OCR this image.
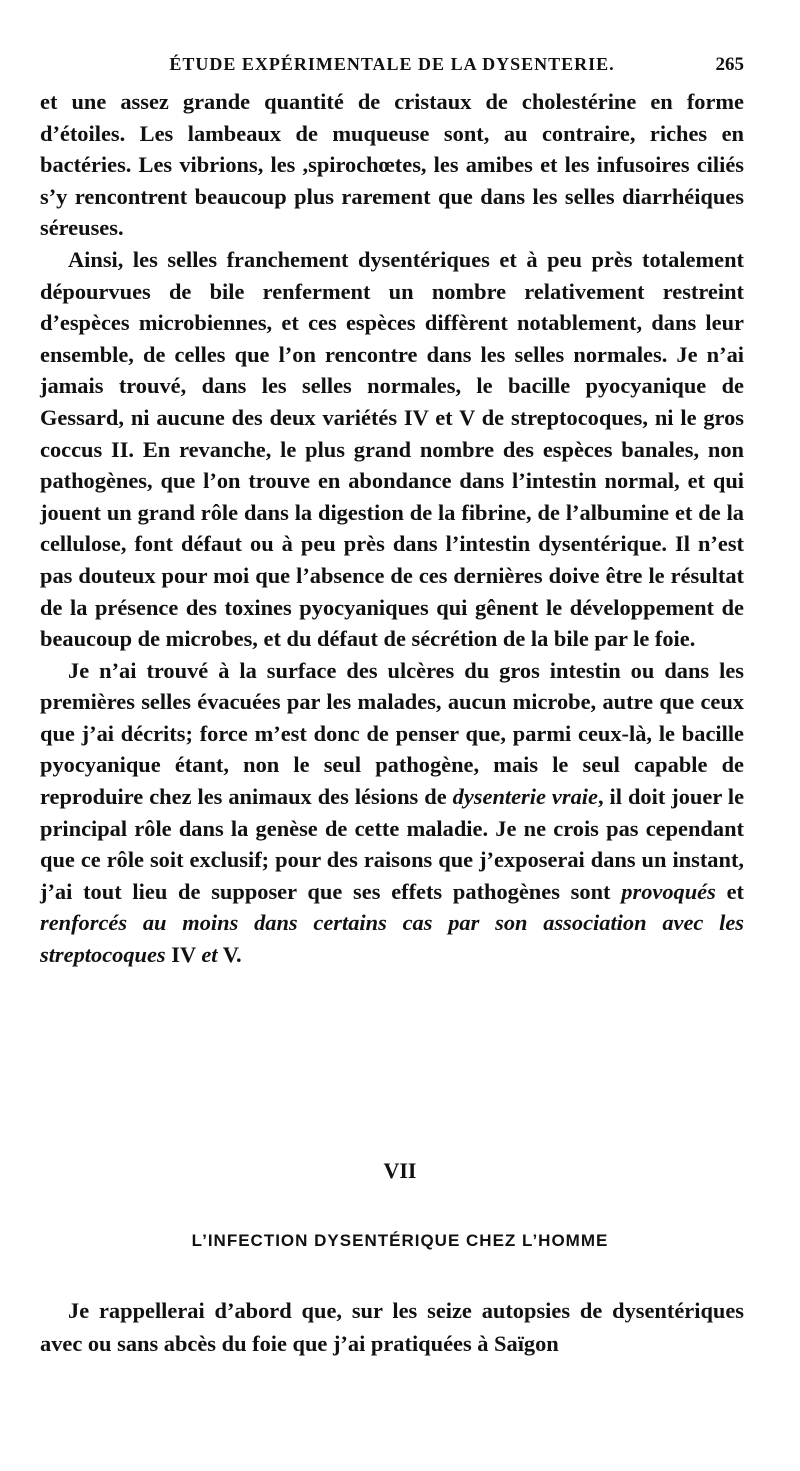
ÉTUDE EXPÉRIMENTALE DE LA DYSENTERIE.	265

et une assez grande quantité de cristaux de cholestérine en forme d’étoiles. Les lambeaux de muqueuse sont, au contraire, riches en bactéries. Les vibrions, les ,spirochœtes, les amibes et les infusoires ciliés s’y rencontrent beaucoup plus rarement que dans les selles diarrhéiques séreuses.

Ainsi, les selles franchement dysentériques et à peu près totalement dépourvues de bile renferment un nombre relativement restreint d’espèces microbiennes, et ces espèces diffèrent notablement, dans leur ensemble, de celles que l’on rencontre dans les selles normales. Je n’ai jamais trouvé, dans les selles normales, le bacille pyocyanique de Gessard, ni aucune des deux variétés IV et V de streptocoques, ni le gros coccus II. En revanche, le plus grand nombre des espèces banales, non pathogènes, que l’on trouve en abondance dans l’intestin normal, et qui jouent un grand rôle dans la digestion de la fibrine, de l’albumine et de la cellulose, font défaut ou à peu près dans l’intestin dysentérique. Il n’est pas douteux pour moi que l’absence de ces dernières doive être le résultat de la présence des toxines pyocyaniques qui gênent le développement de beaucoup de microbes, et du défaut de sécrétion de la bile par le foie.

Je n’ai trouvé à la surface des ulcères du gros intestin ou dans les premières selles évacuées par les malades, aucun microbe, autre que ceux que j’ai décrits; force m’est donc de penser que, parmi ceux-là, le bacille pyocyanique étant, non le seul pathogène, mais le seul capable de reproduire chez les animaux des lésions de dysenterie vraie, il doit jouer le principal rôle dans la genèse de cette maladie. Je ne crois pas cependant que ce rôle soit exclusif; pour des raisons que j’exposerai dans un instant, j’ai tout lieu de supposer que ses effets pathogènes sont provoqués et renforcés au moins dans certains cas par son association avec les streptocoques IV et V.

VII
L’INFECTION DYSENTÉRIQUE CHEZ L’HOMME

Je rappellerai d’abord que, sur les seize autopsies de dysentériques avec ou sans abcès du foie que j’ai pratiquées à Saïgon
